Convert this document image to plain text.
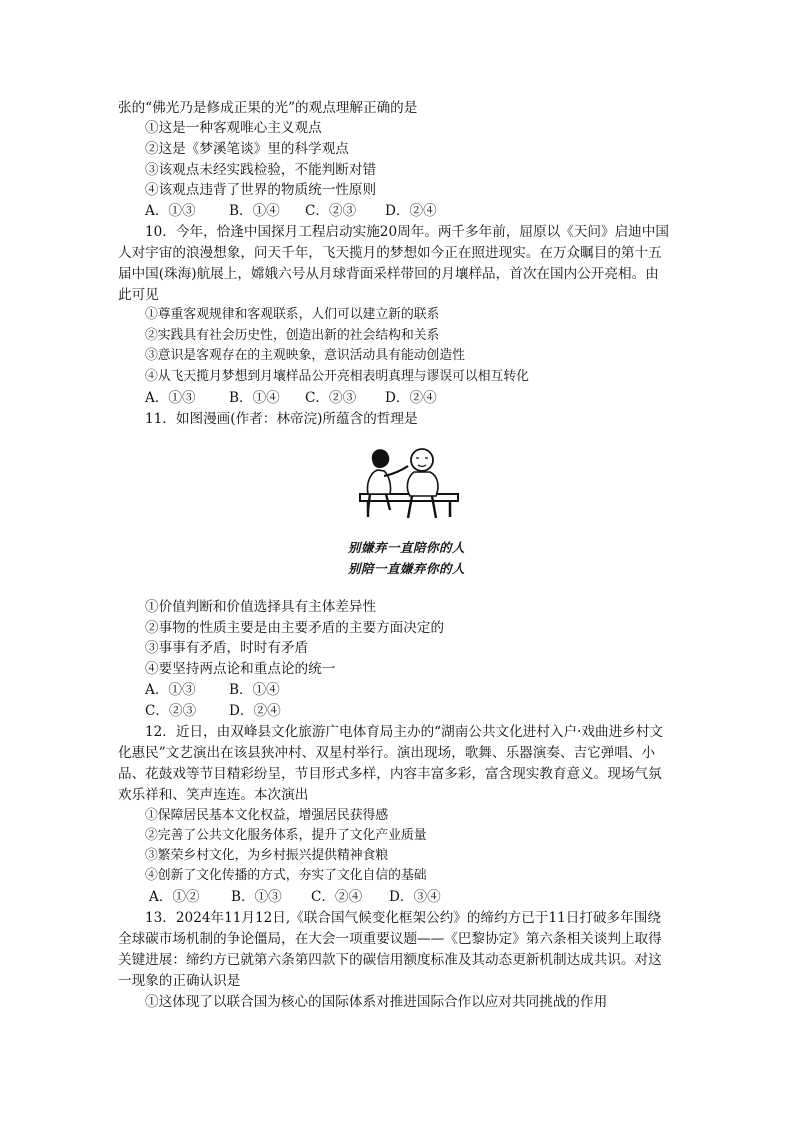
张的“佛光乃是修成正果的光”的观点理解正确的是
①这是一种客观唯心主义观点
②这是《梦溪笔谈》里的科学观点
③该观点未经实践检验，不能判断对错
④该观点违背了世界的物质统一性原则
A．①③ B．①④ C．②③ D．②④
10．今年，恰逢中国探月工程启动实施20周年。两千多年前，屈原以《天问》启迪中国
人对宇宙的浪漫想象，问天千年，飞天揽月的梦想如今正在照进现实。在万众瞩目的第十五
届中国(珠海)航展上，嫦娥六号从月球背面采样带回的月壤样品，首次在国内公开亮相。由
此可见
①尊重客观规律和客观联系，人们可以建立新的联系
②实践具有社会历史性，创造出新的社会结构和关系
③意识是客观存在的主观映象，意识活动具有能动创造性
④从飞天揽月梦想到月壤样品公开亮相表明真理与谬误可以相互转化
A．①③ B．①④ C．②③ D．②④
11．如图漫画(作者：林帝浣)所蕴含的哲理是
别嫌弃一直陪你的人
别陪一直嫌弃你的人
①价值判断和价值选择具有主体差异性
②事物的性质主要是由主要矛盾的主要方面决定的
③事事有矛盾，时时有矛盾
④要坚持两点论和重点论的统一
A．①③ B．①④
C．②③ D．②④
12．近日，由双峰县文化旅游广电体育局主办的“湖南公共文化进村入户·戏曲进乡村文
化惠民”文艺演出在该县狭冲村、双星村举行。演出现场，歌舞、乐器演奏、吉它弹唱、小
品、花鼓戏等节目精彩纷呈，节目形式多样，内容丰富多彩，富含现实教育意义。现场气氛
欢乐祥和、笑声连连。本次演出
①保障居民基本文化权益，增强居民获得感
②完善了公共文化服务体系，提升了文化产业质量
③繁荣乡村文化，为乡村振兴提供精神食粮
④创新了文化传播的方式，夯实了文化自信的基础
A．①② B．①③ C．②④ D．③④
13．2024年11月12日,《联合国气候变化框架公约》的缔约方已于11日打破多年围绕
全球碳市场机制的争论僵局，在大会一项重要议题——《巴黎协定》第六条相关谈判上取得
关键进展：缔约方已就第六条第四款下的碳信用额度标准及其动态更新机制达成共识。对这
一现象的正确认识是
①这体现了以联合国为核心的国际体系对推进国际合作以应对共同挑战的作用
